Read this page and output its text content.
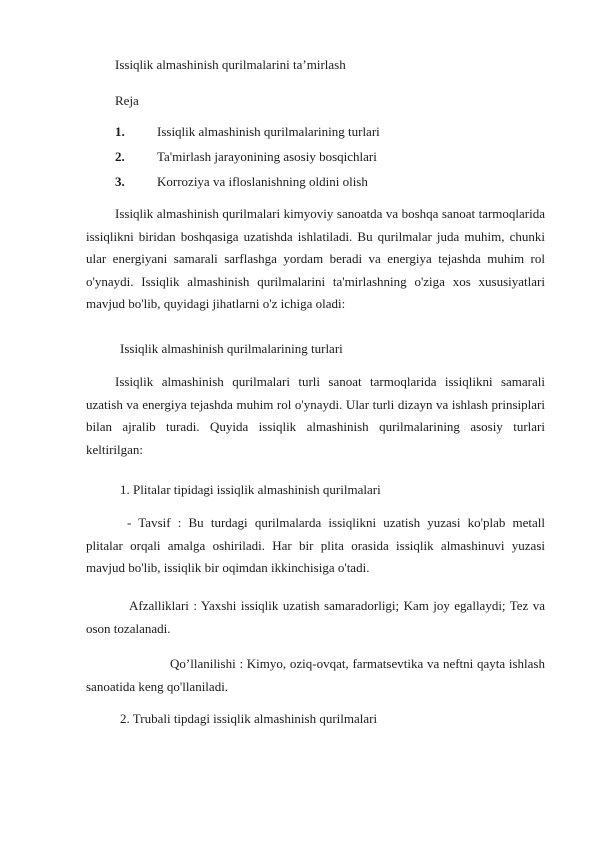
Issiqlik almashinish qurilmalarini ta’mirlash
Reja
1. Issiqlik almashinish qurilmalarining turlari
2. Ta'mirlash jarayonining asosiy bosqichlari
3. Korroziya va ifloslanishning oldini olish

Issiqlik almashinish qurilmalari kimyoviy sanoatda va boshqa sanoat tarmoqlarida issiqlikni biridan boshqasiga uzatishda ishlatiladi. Bu qurilmalar juda muhim, chunki ular energiyani samarali sarflashga yordam beradi va energiya tejashda muhim rol o'ynaydi. Issiqlik almashinish qurilmalarini ta'mirlashning o'ziga xos xususiyatlari mavjud bo'lib, quyidagi jihatlarni o'z ichiga oladi:

Issiqlik almashinish qurilmalarining turlari

Issiqlik almashinish qurilmalari turli sanoat tarmoqlarida issiqlikni samarali uzatish va energiya tejashda muhim rol o'ynaydi. Ular turli dizayn va ishlash prinsiplari bilan ajralib turadi. Quyida issiqlik almashinish qurilmalarining asosiy turlari keltirilgan:

1. Plitalar tipidagi issiqlik almashinish qurilmalari

- Tavsif : Bu turdagi qurilmalarda issiqlikni uzatish yuzasi ko'plab metall plitalar orqali amalga oshiriladi. Har bir plita orasida issiqlik almashinuvi yuzasi mavjud bo'lib, issiqlik bir oqimdan ikkinchisiga o'tadi.

Afzalliklari : Yaxshi issiqlik uzatish samaradorligi; Kam joy egallaydi; Tez va oson tozalanadi.

Qo’llanilishi : Kimyo, oziq-ovqat, farmatsevtika va neftni qayta ishlash sanoatida keng qo'llaniladi.

2. Trubali tipdagi issiqlik almashinish qurilmalari
